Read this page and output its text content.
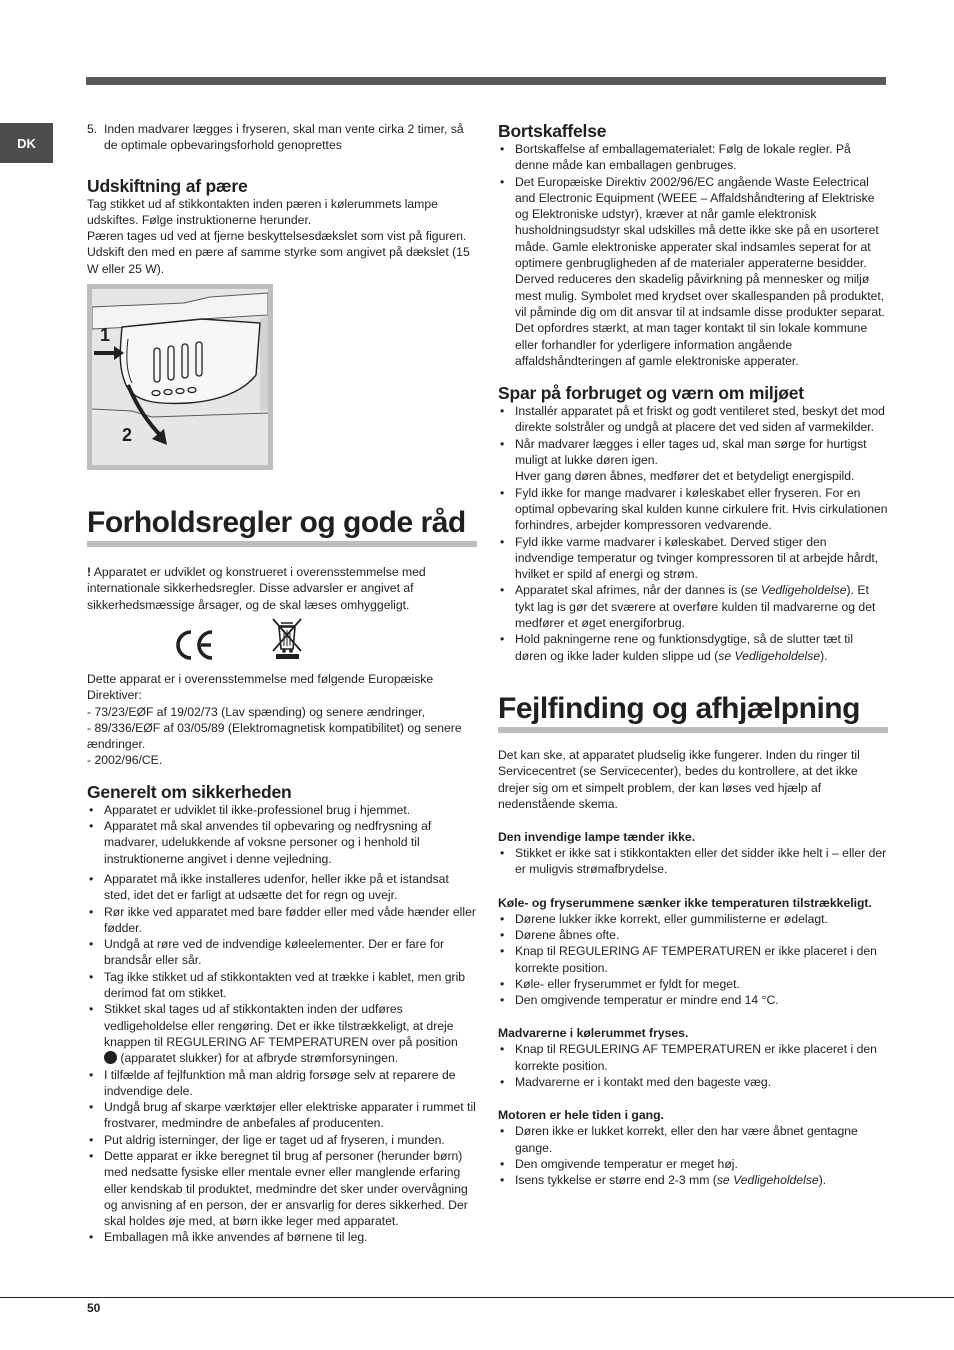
DK
5. Inden madvarer lægges i fryseren, skal man vente cirka 2 timer, så de optimale opbevaringsforhold genoprettes
Udskiftning af pære

Tag stikket ud af stikkontakten inden pæren i kølerummets lampe udskiftes. Følge instruktionerne herunder.

Pæren tages ud ved at fjerne beskyttelsesdækslet som vist på figuren. Udskift den med en pære af samme styrke som angivet på dækslet (15 W eller 25 W).

1
2
Forholdsregler og gode råd

! Apparatet er udviklet og konstrueret i overensstemmelse med internationale sikkerhedsregler. Disse advarsler er angivet af sikkerhedsmæssige årsager, og de skal læses omhyggeligt.

Dette apparat er i overensstemmelse med følgende Europæiske Direktiver:

- 73/23/EØF af 19/02/73 (Lav spænding) og senere ændringer,

- 89/336/EØF af 03/05/89 (Elektromagnetisk kompatibilitet) og senere ændringer.

- 2002/96/CE.

Generelt om sikkerheden
• Apparatet er udviklet til ikke-professionel brug i hjemmet.
• Apparatet må skal anvendes til opbevaring og nedfrysning af madvarer, udelukkende af voksne personer og i henhold til instruktionerne angivet i denne vejledning.
• Apparatet må ikke installeres udenfor, heller ikke på et istandsat sted, idet det er farligt at udsætte det for regn og uvejr.
• Rør ikke ved apparatet med bare fødder eller med våde hænder eller fødder.
• Undgå at røre ved de indvendige køleelementer. Der er fare for brandsår eller sår.
• Tag ikke stikket ud af stikkontakten ved at trække i kablet, men grib derimod fat om stikket.
• Stikket skal tages ud af stikkontakten inden der udføres vedligeholdelse eller rengøring. Det er ikke tilstrækkeligt, at dreje knappen til REGULERING AF TEMPERATUREN over på position
(apparatet slukker) for at afbryde strømforsyningen.
• I tilfælde af fejlfunktion må man aldrig forsøge selv at reparere de indvendige dele.
• Undgå brug af skarpe værktøjer eller elektriske apparater i rummet til frostvarer, medmindre de anbefales af producenten.
• Put aldrig isterninger, der lige er taget ud af fryseren, i munden.
• Dette apparat er ikke beregnet til brug af personer (herunder børn) med nedsatte fysiske eller mentale evner eller manglende erfaring eller kendskab til produktet, medmindre det sker under overvågning og anvisning af en person, der er ansvarlig for deres sikkerhed. Der skal holdes øje med, at børn ikke leger med apparatet.
• Emballagen må ikke anvendes af børnene til leg.
Bortskaffelse
• Bortskaffelse af emballagematerialet: Følg de lokale regler. På denne måde kan emballagen genbruges.
• Det Europæiske Direktiv 2002/96/EC angående Waste Eelectrical and Electronic Equipment (WEEE – Affaldshåndtering af Elektriske og Elektroniske udstyr), kræver at når gamle elektronisk husholdningsudstyr skal udskilles må dette ikke ske på en usorteret måde. Gamle elektroniske apperater skal indsamles seperat for at optimere genbrugligheden af de materialer apperaterne besidder. Derved reduceres den skadelig påvirkning på mennesker og miljø mest mulig. Symbolet med krydset over skallespanden på produktet, vil påminde dig om dit ansvar til at indsamle disse produkter separat.
Det opfordres stærkt, at man tager kontakt til sin lokale kommune eller forhandler for yderligere information angående affaldshåndteringen af gamle elektroniske apperater.
Spar på forbruget og værn om miljøet
• Installér apparatet på et friskt og godt ventileret sted, beskyt det mod direkte solstråler og undgå at placere det ved siden af varmekilder.
• Når madvarer lægges i eller tages ud, skal man sørge for hurtigst muligt at lukke døren igen.
Hver gang døren åbnes, medfører det et betydeligt energispild.
• Fyld ikke for mange madvarer i køleskabet eller fryseren. For en optimal opbevaring skal kulden kunne cirkulere frit. Hvis cirkulationen forhindres, arbejder kompressoren vedvarende.
• Fyld ikke varme madvarer i køleskabet. Derved stiger den indvendige temperatur og tvinger kompressoren til at arbejde hårdt, hvilket er spild af energi og strøm.
• Apparatet skal afrimes, når der dannes is (se Vedligeholdelse). Et tykt lag is gør det sværere at overføre kulden til madvarerne og det medfører et øget energiforbrug.
• Hold pakningerne rene og funktionsdygtige, så de slutter tæt til døren og ikke lader kulden slippe ud (se Vedligeholdelse).
Fejlfinding og afhjælpning

Det kan ske, at apparatet pludselig ikke fungerer. Inden du ringer til Servicecentret (se Servicecenter), bedes du kontrollere, at det ikke drejer sig om et simpelt problem, der kan løses ved hjælp af nedenstående skema.

Den invendige lampe tænder ikke.
• Stikket er ikke sat i stikkontakten eller det sidder ikke helt i – eller der er muligvis strømafbrydelse.
Køle- og fryserummene sænker ikke temperaturen tilstrækkeligt.
• Dørene lukker ikke korrekt, eller gummilisterne er ødelagt.
• Dørene åbnes ofte.
• Knap til REGULERING AF TEMPERATUREN er ikke placeret i den korrekte position.
• Køle- eller fryserummet er fyldt for meget.
• Den omgivende temperatur er mindre end 14 °C.
Madvarerne i kølerummet fryses.
• Knap til REGULERING AF TEMPERATUREN er ikke placeret i den korrekte position.
• Madvarerne er i kontakt med den bageste væg.
Motoren er hele tiden i gang.
• Døren ikke er lukket korrekt, eller den har være åbnet gentagne gange.
• Den omgivende temperatur er meget høj.
• Isens tykkelse er større end 2-3 mm (se Vedligeholdelse).
50
